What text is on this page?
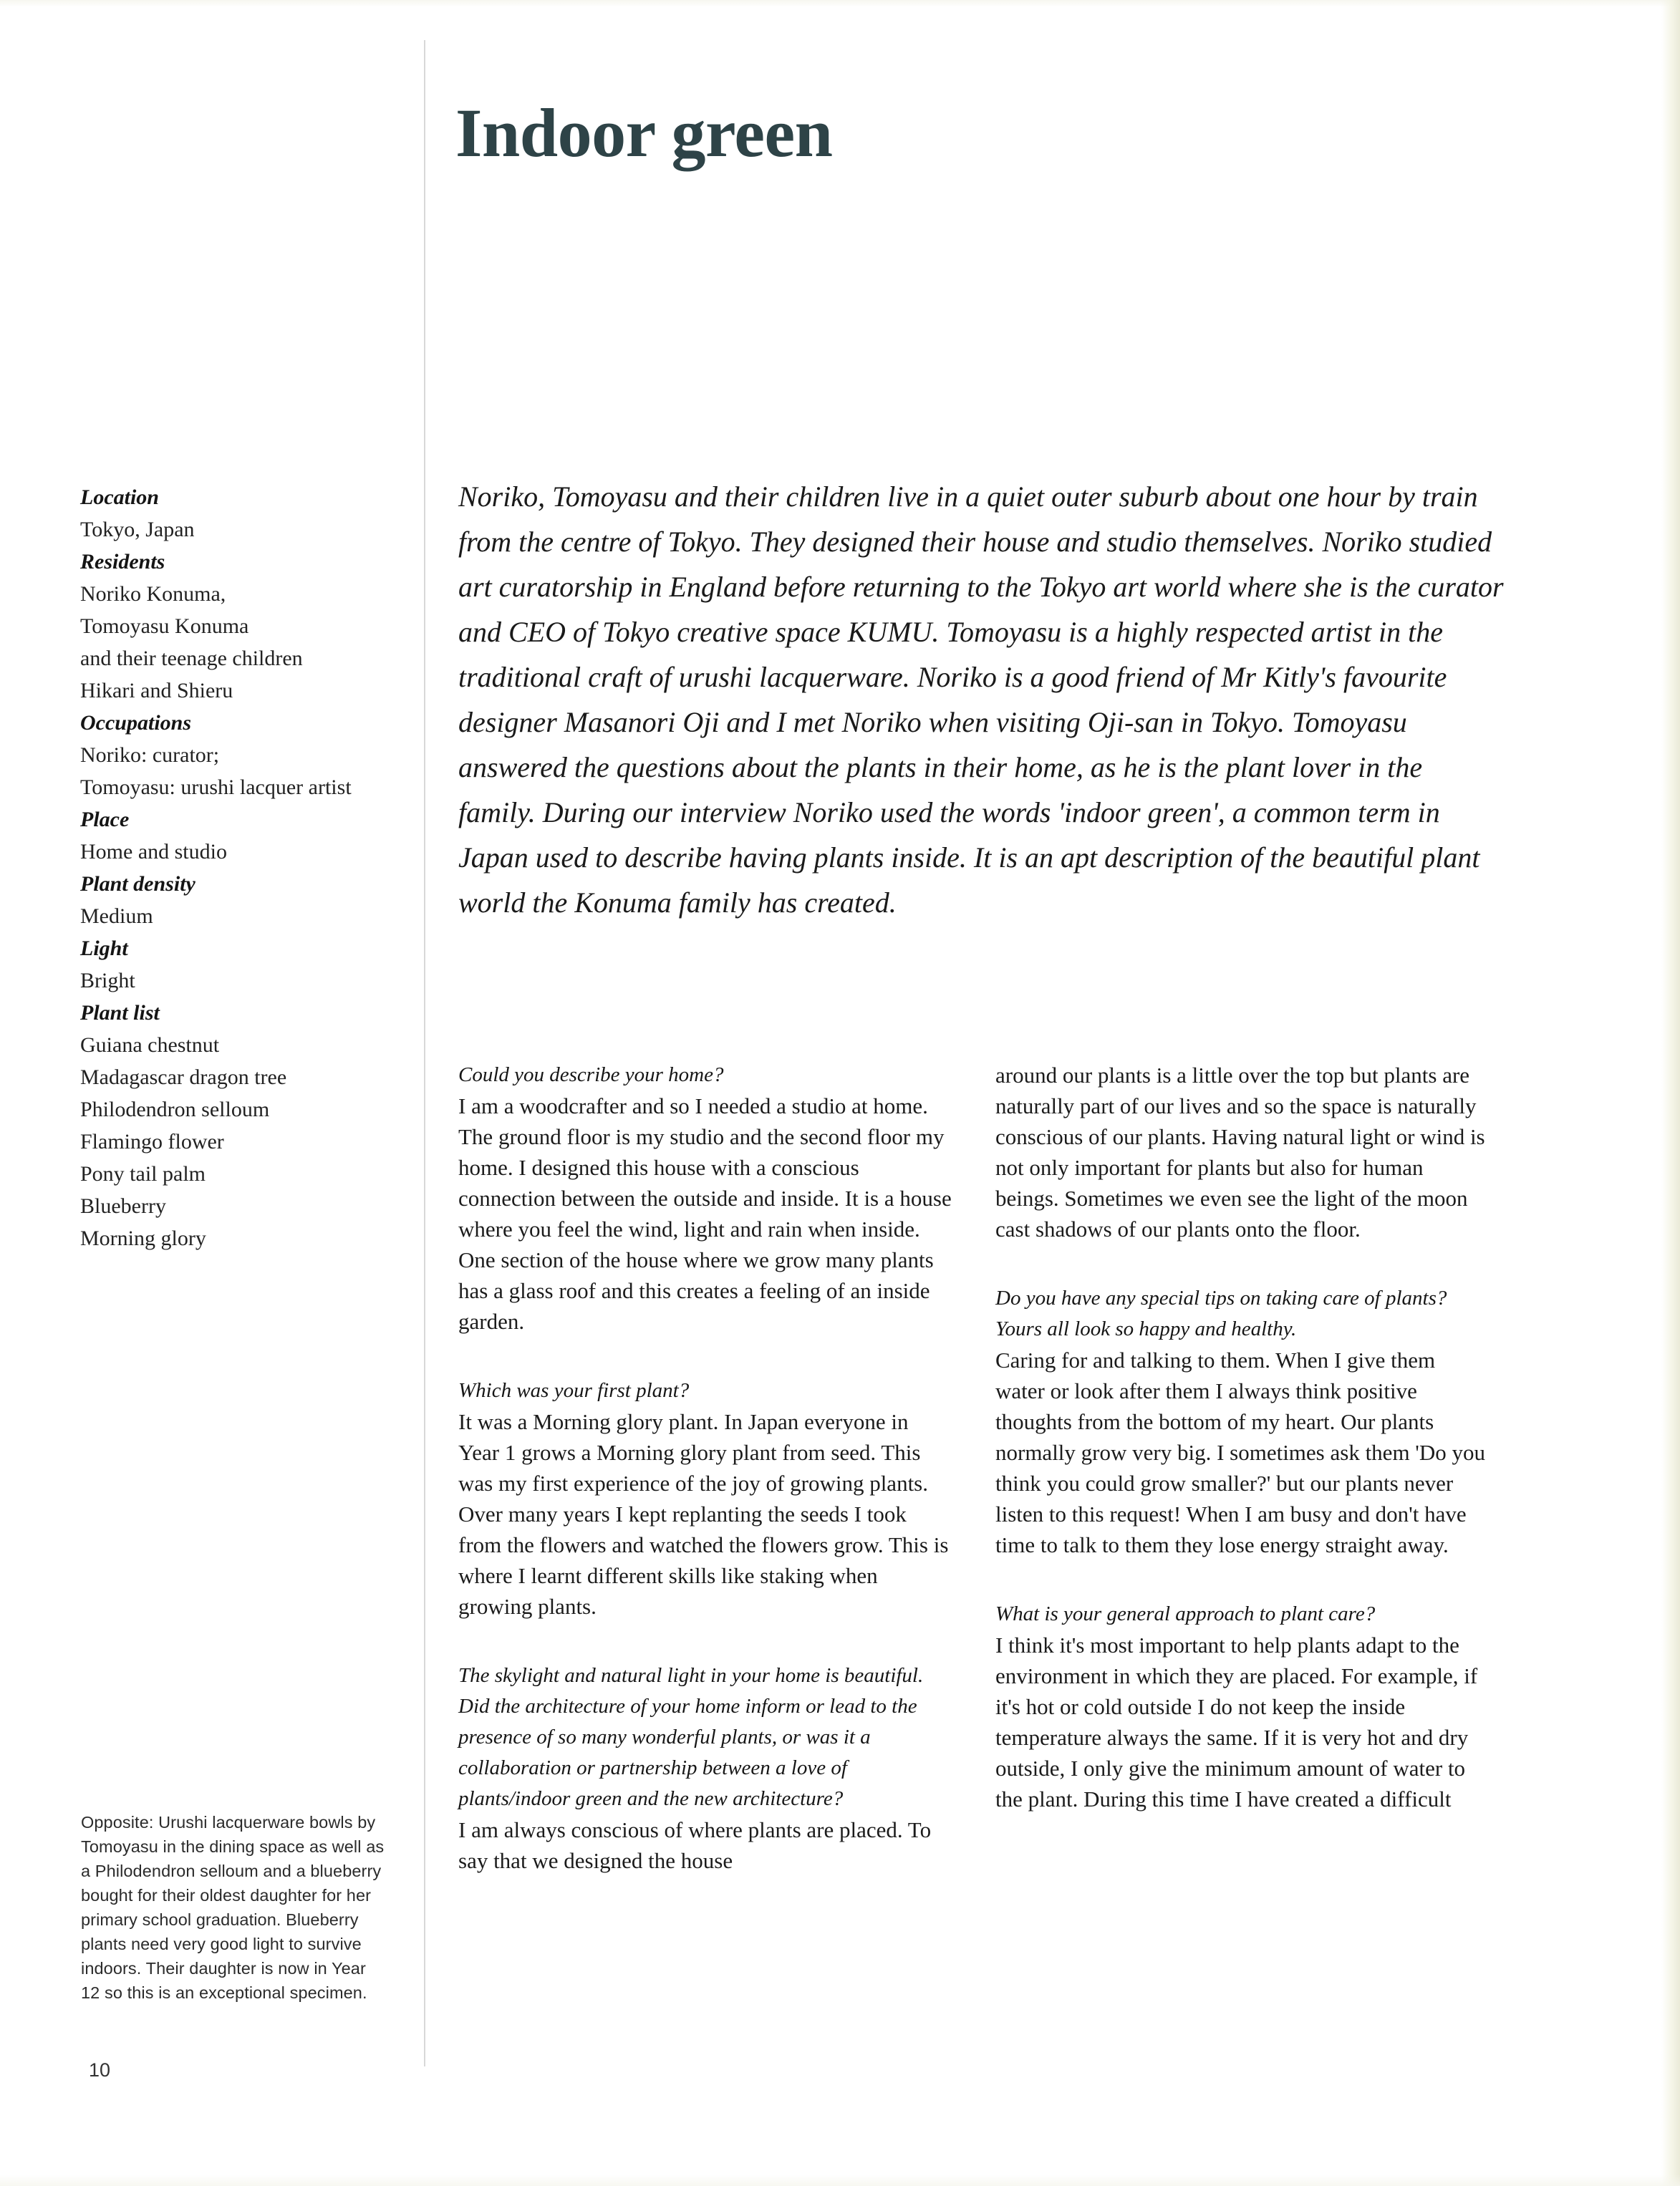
Indoor green
Location
Tokyo, Japan
Residents
Noriko Konuma,
Tomoyasu Konuma
and their teenage children
Hikari and Shieru
Occupations
Noriko: curator;
Tomoyasu: urushi lacquer artist
Place
Home and studio
Plant density
Medium
Light
Bright
Plant list
Guiana chestnut
Madagascar dragon tree
Philodendron selloum
Flamingo flower
Pony tail palm
Blueberry
Morning glory
Opposite: Urushi lacquerware bowls by Tomoyasu in the dining space as well as a Philodendron selloum and a blueberry bought for their oldest daughter for her primary school graduation. Blueberry plants need very good light to survive indoors. Their daughter is now in Year 12 so this is an exceptional specimen.
10
Noriko, Tomoyasu and their children live in a quiet outer suburb about one hour by train from the centre of Tokyo. They designed their house and studio themselves. Noriko studied art curatorship in England before returning to the Tokyo art world where she is the curator and CEO of Tokyo creative space KUMU. Tomoyasu is a highly respected artist in the traditional craft of urushi lacquerware. Noriko is a good friend of Mr Kitly's favourite designer Masanori Oji and I met Noriko when visiting Oji-san in Tokyo. Tomoyasu answered the questions about the plants in their home, as he is the plant lover in the family. During our interview Noriko used the words 'indoor green', a common term in Japan used to describe having plants inside. It is an apt description of the beautiful plant world the Konuma family has created.

Could you describe your home?

I am a woodcrafter and so I needed a studio at home. The ground floor is my studio and the second floor my home. I designed this house with a conscious connection between the outside and inside. It is a house where you feel the wind, light and rain when inside. One section of the house where we grow many plants has a glass roof and this creates a feeling of an inside garden.

Which was your first plant?

It was a Morning glory plant. In Japan everyone in Year 1 grows a Morning glory plant from seed. This was my first experience of the joy of growing plants. Over many years I kept replanting the seeds I took from the flowers and watched the flowers grow. This is where I learnt different skills like staking when growing plants.

The skylight and natural light in your home is beautiful. Did the architecture of your home inform or lead to the presence of so many wonderful plants, or was it a collaboration or partnership between a love of plants/indoor green and the new architecture?

I am always conscious of where plants are placed. To say that we designed the house

around our plants is a little over the top but plants are naturally part of our lives and so the space is naturally conscious of our plants. Having natural light or wind is not only important for plants but also for human beings. Sometimes we even see the light of the moon cast shadows of our plants onto the floor.

Do you have any special tips on taking care of plants? Yours all look so happy and healthy.

Caring for and talking to them. When I give them water or look after them I always think positive thoughts from the bottom of my heart. Our plants normally grow very big. I sometimes ask them 'Do you think you could grow smaller?' but our plants never listen to this request! When I am busy and don't have time to talk to them they lose energy straight away.

What is your general approach to plant care?

I think it's most important to help plants adapt to the environment in which they are placed. For example, if it's hot or cold outside I do not keep the inside temperature always the same. If it is very hot and dry outside, I only give the minimum amount of water to the plant. During this time I have created a difficult
